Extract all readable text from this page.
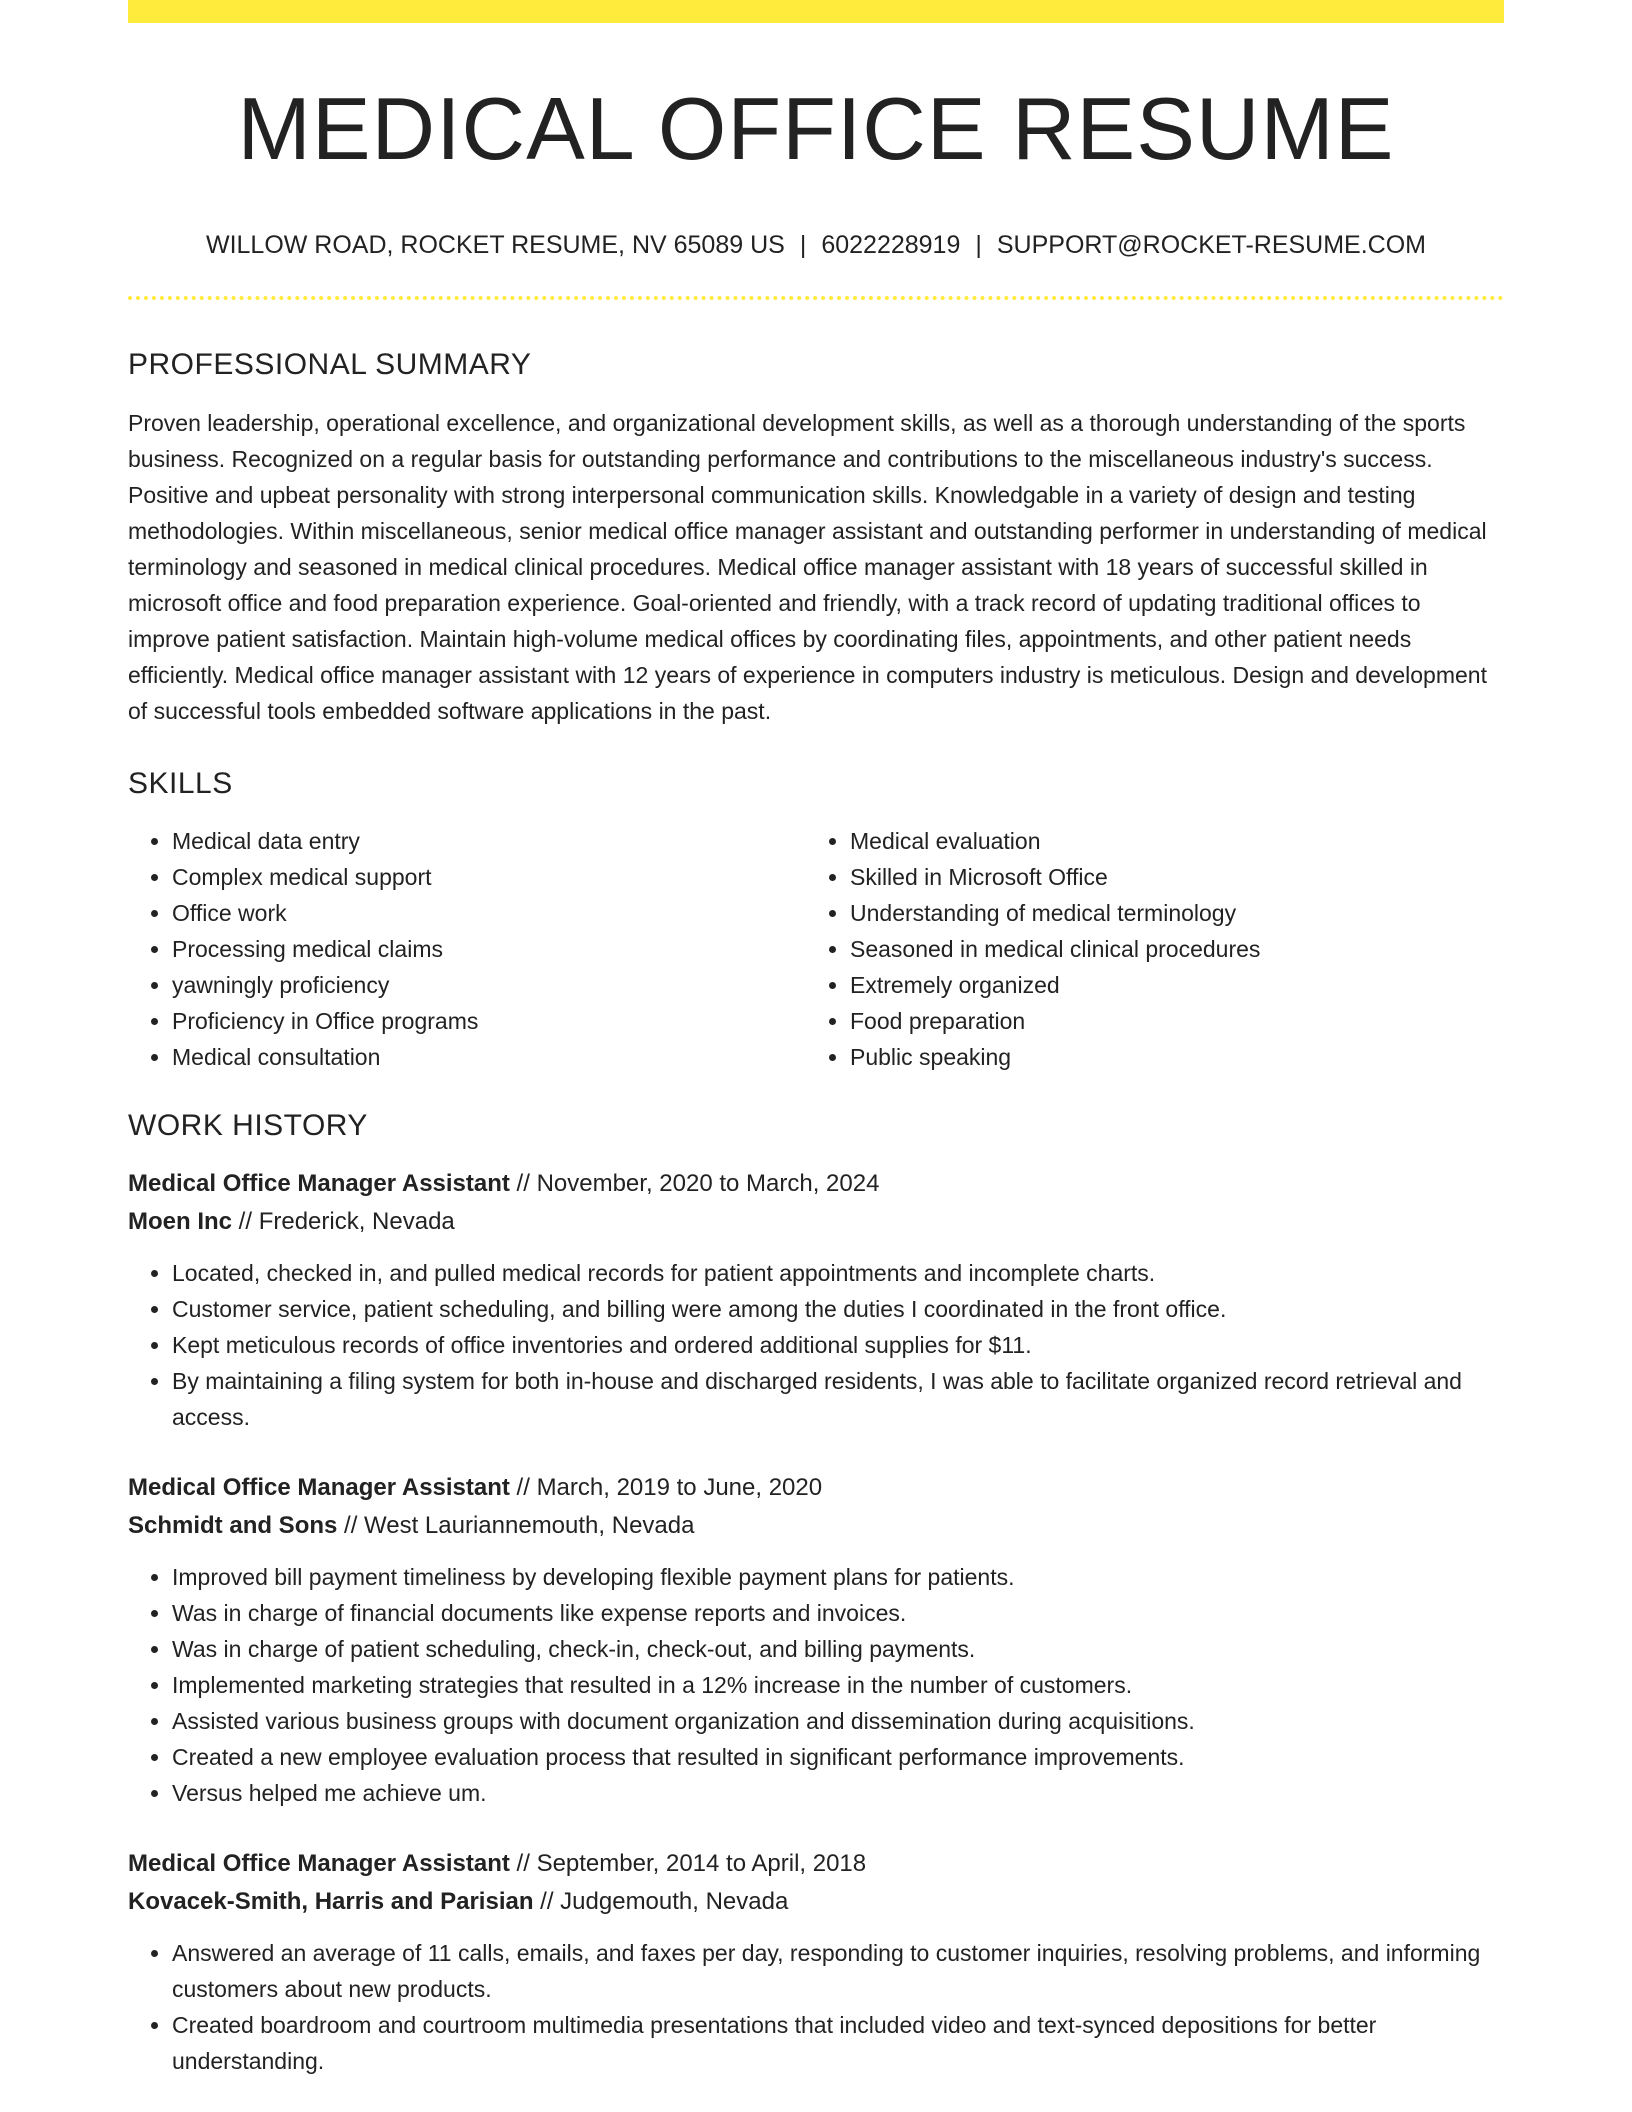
MEDICAL OFFICE RESUME
WILLOW ROAD, ROCKET RESUME, NV 65089 US | 6022228919 | SUPPORT@ROCKET-RESUME.COM
PROFESSIONAL SUMMARY

Proven leadership, operational excellence, and organizational development skills, as well as a thorough understanding of the sports business. Recognized on a regular basis for outstanding performance and contributions to the miscellaneous industry's success. Positive and upbeat personality with strong interpersonal communication skills. Knowledgable in a variety of design and testing methodologies. Within miscellaneous, senior medical office manager assistant and outstanding performer in understanding of medical terminology and seasoned in medical clinical procedures. Medical office manager assistant with 18 years of successful skilled in microsoft office and food preparation experience. Goal-oriented and friendly, with a track record of updating traditional offices to improve patient satisfaction. Maintain high-volume medical offices by coordinating files, appointments, and other patient needs efficiently. Medical office manager assistant with 12 years of experience in computers industry is meticulous. Design and development of successful tools embedded software applications in the past.

SKILLS
• Medical data entry
• Complex medical support
• Office work
• Processing medical claims
• yawningly proficiency
• Proficiency in Office programs
• Medical consultation
• Medical evaluation
• Skilled in Microsoft Office
• Understanding of medical terminology
• Seasoned in medical clinical procedures
• Extremely organized
• Food preparation
• Public speaking
WORK HISTORY
Medical Office Manager Assistant // November, 2020 to March, 2024
Moen Inc // Frederick, Nevada
• Located, checked in, and pulled medical records for patient appointments and incomplete charts.
• Customer service, patient scheduling, and billing were among the duties I coordinated in the front office.
• Kept meticulous records of office inventories and ordered additional supplies for $11.
• By maintaining a filing system for both in-house and discharged residents, I was able to facilitate organized record retrieval and access.
Medical Office Manager Assistant // March, 2019 to June, 2020
Schmidt and Sons // West Lauriannemouth, Nevada
• Improved bill payment timeliness by developing flexible payment plans for patients.
• Was in charge of financial documents like expense reports and invoices.
• Was in charge of patient scheduling, check-in, check-out, and billing payments.
• Implemented marketing strategies that resulted in a 12% increase in the number of customers.
• Assisted various business groups with document organization and dissemination during acquisitions.
• Created a new employee evaluation process that resulted in significant performance improvements.
• Versus helped me achieve um.
Medical Office Manager Assistant // September, 2014 to April, 2018
Kovacek-Smith, Harris and Parisian // Judgemouth, Nevada
• Answered an average of 11 calls, emails, and faxes per day, responding to customer inquiries, resolving problems, and informing customers about new products.
• Created boardroom and courtroom multimedia presentations that included video and text-synced depositions for better understanding.
